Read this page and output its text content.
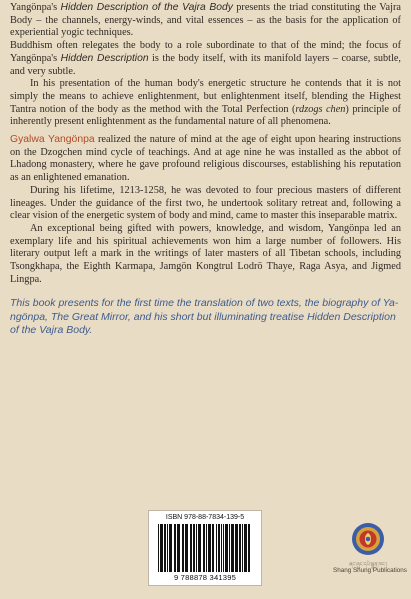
Yangönpa's Hidden Description of the Vajra Body presents the triad constituting the Vajra Body – the channels, energy-winds, and vital essences – as the basis for the application of experiential yogic techniques.

Buddhism often relegates the body to a role subordinate to that of the mind; the focus of Yangönpa's Hidden Description is the body itself, with its manifold layers – coarse, subtle, and very subtle.

In his presentation of the human body's energetic structure he contends that it is not simply the means to achieve enlightenment, but enlightenment itself, blending the Highest Tantra notion of the body as the method with the Total Perfection (rdzogs chen) principle of inherently present enlightenment as the fundamental nature of all phenomena.

Gyalwa Yangönpa realized the nature of mind at the age of eight upon hearing instructions on the Dzogchen mind cycle of teachings. And at age nine he was installed as the abbot of Lhadong monastery, where he gave profound religious discourses, establishing his reputation as an enlightened emanation.

During his lifetime, 1213-1258, he was devoted to four precious masters of different lineages. Under the guidance of the first two, he undertook solitary retreat and, following a clear vision of the energetic system of body and mind, came to master this inseparable matrix.

An exceptional being gifted with powers, knowledge, and wisdom, Yangönpa led an exemplary life and his spiritual achievements won him a large number of followers. His literary output left a mark in the writings of later masters of all Tibetan schools, including Tsongkhapa, the Eighth Karmapa, Jamgön Kongtrul Lodrö Thaye, Raga Asya, and Jigmed Lingpa.

This book presents for the first time the translation of two texts, the biography of Ya-ngönpa, The Great Mirror, and his short but illuminating treatise Hidden Description of the Vajra Body.

ISBN 978-88-7834-139-5
9 788878 341395
ཞང་ཞུང་དཔེ་སྐྲུན་ཁང་།
Shang Shung Publications
